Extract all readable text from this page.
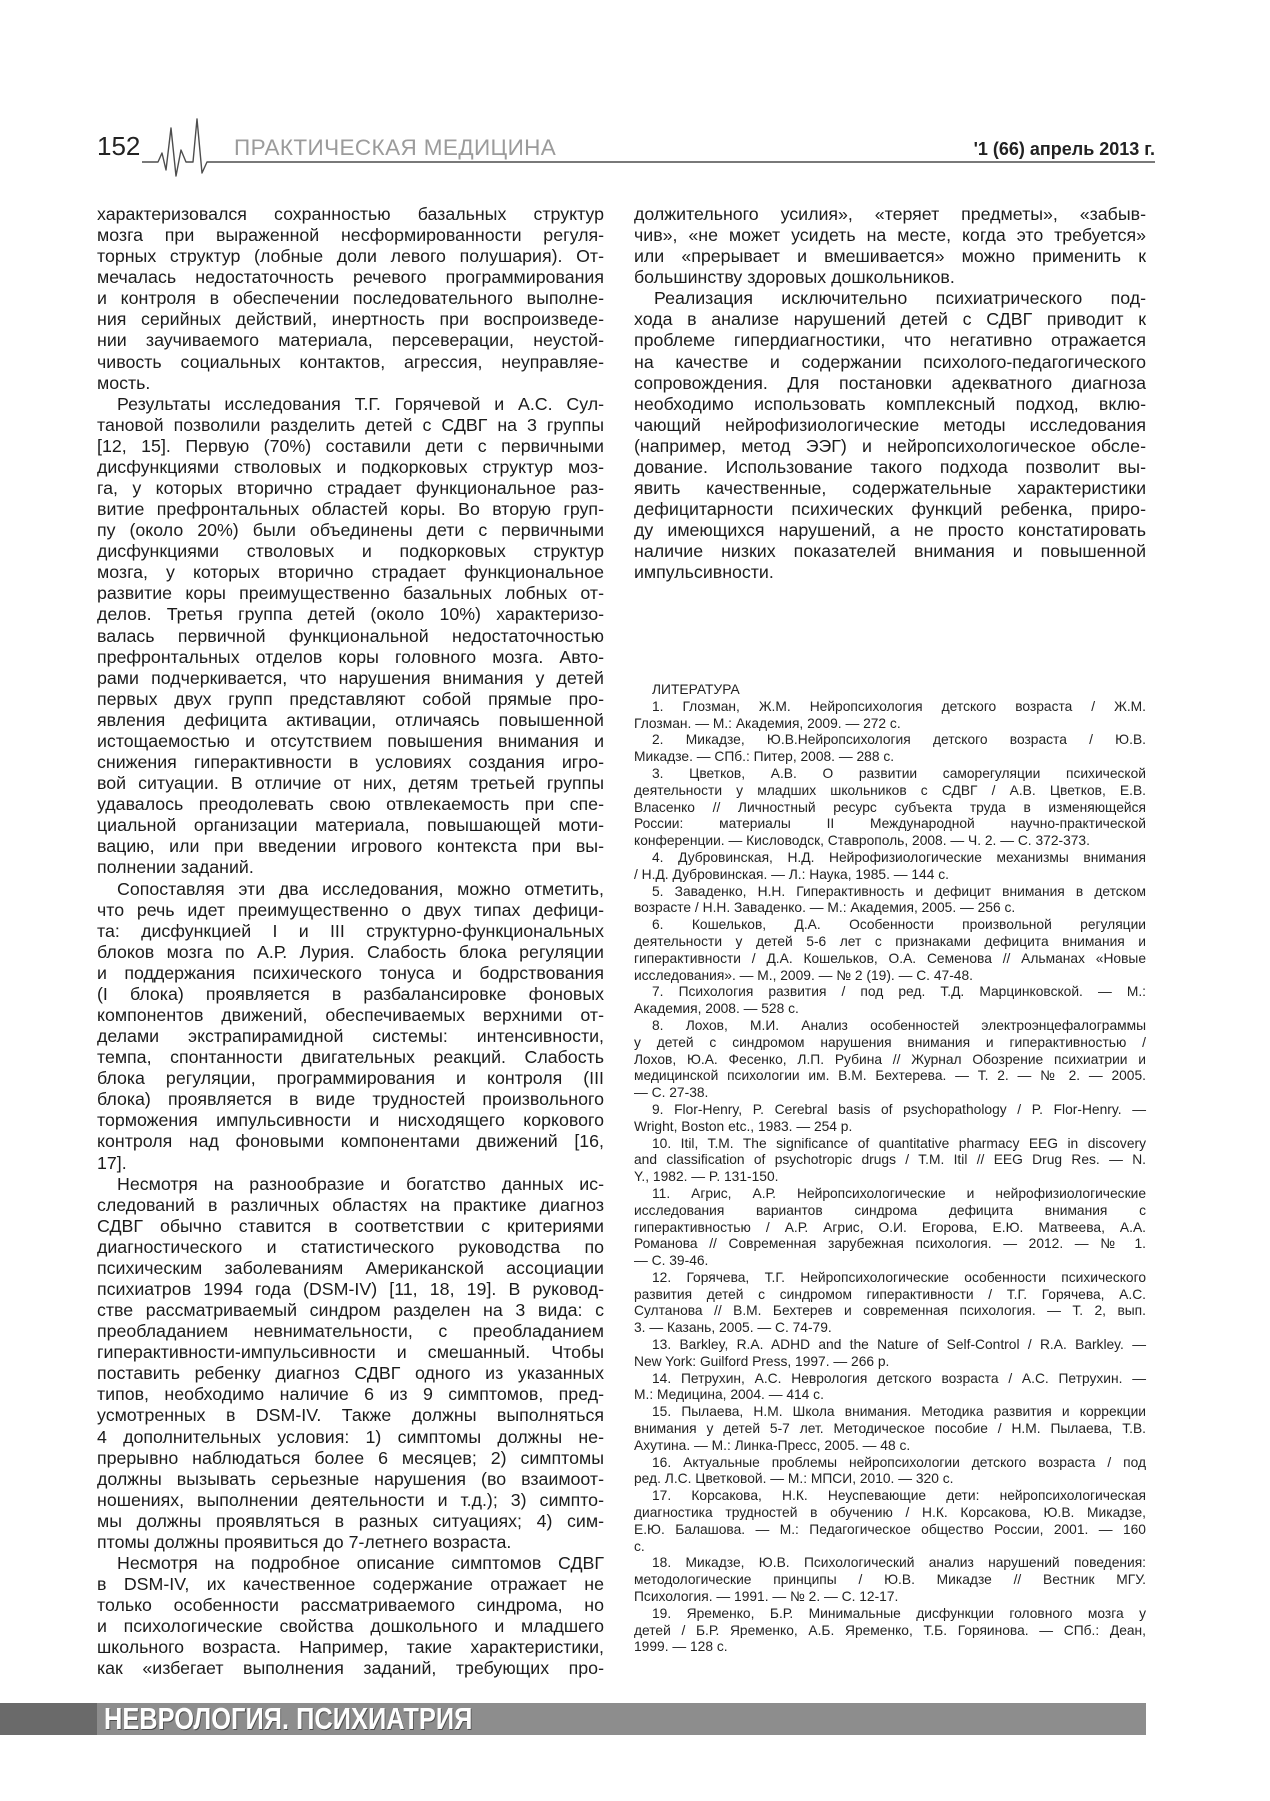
152	ПРАКТИЧЕСКАЯ МЕДИЦИНА	'1 (66) апрель 2013 г.
характеризовался сохранностью базальных структур
мозга при выраженной несформированности регуля-
торных структур (лобные доли левого полушария). От-
мечалась недостаточность речевого программирования
и контроля в обеспечении последовательного выполне-
ния серийных действий, инертность при воспроизведе-
нии заучиваемого материала, персеверации, неустой-
чивость социальных контактов, агрессия, неуправляе-
мость.
Результаты исследования Т.Г. Горячевой и А.С. Сул-
тановой позволили разделить детей с СДВГ на 3 группы
[12, 15]. Первую (70%) составили дети с первичными
дисфункциями стволовых и подкорковых структур моз-
га, у которых вторично страдает функциональное раз-
витие префронтальных областей коры. Во вторую груп-
пу (около 20%) были объединены дети с первичными
дисфункциями стволовых и подкорковых структур
мозга, у которых вторично страдает функциональное
развитие коры преимущественно базальных лобных от-
делов. Третья группа детей (около 10%) характеризо-
валась первичной функциональной недостаточностью
префронтальных отделов коры головного мозга. Авто-
рами подчеркивается, что нарушения внимания у детей
первых двух групп представляют собой прямые про-
явления дефицита активации, отличаясь повышенной
истощаемостью и отсутствием повышения внимания и
снижения гиперактивности в условиях создания игро-
вой ситуации. В отличие от них, детям третьей группы
удавалось преодолевать свою отвлекаемость при спе-
циальной организации материала, повышающей моти-
вацию, или при введении игрового контекста при вы-
полнении заданий.
Сопоставляя эти два исследования, можно отметить,
что речь идет преимущественно о двух типах дефици-
та: дисфункцией I и III структурно-функциональных
блоков мозга по А.Р. Лурия. Слабость блока регуляции
и поддержания психического тонуса и бодрствования
(I блока) проявляется в разбалансировке фоновых
компонентов движений, обеспечиваемых верхними от-
делами экстрапирамидной системы: интенсивности,
темпа, спонтанности двигательных реакций. Слабость
блока регуляции, программирования и контроля (III
блока) проявляется в виде трудностей произвольного
торможения импульсивности и нисходящего коркового
контроля над фоновыми компонентами движений [16,
17].
Несмотря на разнообразие и богатство данных ис-
следований в различных областях на практике диагноз
СДВГ обычно ставится в соответствии с критериями
диагностического и статистического руководства по
психическим заболеваниям Американской ассоциации
психиатров 1994 года (DSM-IV) [11, 18, 19]. В руковод-
стве рассматриваемый синдром разделен на 3 вида: с
преобладанием невнимательности, с преобладанием
гиперактивности-импульсивности и смешанный. Чтобы
поставить ребенку диагноз СДВГ одного из указанных
типов, необходимо наличие 6 из 9 симптомов, пред-
усмотренных в DSM-IV. Также должны выполняться
4 дополнительных условия: 1) симптомы должны не-
прерывно наблюдаться более 6 месяцев; 2) симптомы
должны вызывать серьезные нарушения (во взаимоот-
ношениях, выполнении деятельности и т.д.); 3) симпто-
мы должны проявляться в разных ситуациях; 4) сим-
птомы должны проявиться до 7-летнего возраста.
Несмотря на подробное описание симптомов СДВГ
в DSM-IV, их качественное содержание отражает не
только особенности рассматриваемого синдрома, но
и психологические свойства дошкольного и младшего
школьного возраста. Например, такие характеристики,
как «избегает выполнения заданий, требующих про-
должительного усилия», «теряет предметы», «забыв-
чив», «не может усидеть на месте, когда это требуется»
или «прерывает и вмешивается» можно применить к
большинству здоровых дошкольников.
Реализация исключительно психиатрического под-
хода в анализе нарушений детей с СДВГ приводит к
проблеме гипердиагностики, что негативно отражается
на качестве и содержании психолого-педагогического
сопровождения. Для постановки адекватного диагноза
необходимо использовать комплексный подход, вклю-
чающий нейрофизиологические методы исследования
(например, метод ЭЭГ) и нейропсихологическое обсле-
дование. Использование такого подхода позволит вы-
явить качественные, содержательные характеристики
дефицитарности психических функций ребенка, приро-
ду имеющихся нарушений, а не просто констатировать
наличие низких показателей внимания и повышенной
импульсивности.
ЛИТЕРАТУРА
1. Глозман, Ж.М. Нейропсихология детского возраста / Ж.М.
Глозман. — М.: Академия, 2009. — 272 с.
2. Микадзе, Ю.В.Нейропсихология детского возраста / Ю.В.
Микадзе. — СПб.: Питер, 2008. — 288 с.
3. Цветков, А.В. О развитии саморегуляции психической
деятельности у младших школьников с СДВГ / А.В. Цветков, Е.В.
Власенко // Личностный ресурс субъекта труда в изменяющейся
России: материалы II Международной научно-практической
конференции. — Кисловодск, Ставрополь, 2008. — Ч. 2. — С. 372-373.
4. Дубровинская, Н.Д. Нейрофизиологические механизмы внимания
/ Н.Д. Дубровинская. — Л.: Наука, 1985. — 144 с.
5. Заваденко, Н.Н. Гиперактивность и дефицит внимания в детском
возрасте / Н.Н. Заваденко. — М.: Академия, 2005. — 256 с.
6. Кошельков, Д.А. Особенности произвольной регуляции
деятельности у детей 5-6 лет с признаками дефицита внимания и
гиперактивности / Д.А. Кошельков, О.А. Семенова // Альманах «Новые
исследования». — М., 2009. — № 2 (19). — С. 47-48.
7. Психология развития / под ред. Т.Д. Марцинковской. — М.:
Академия, 2008. — 528 с.
8. Лохов, М.И. Анализ особенностей электроэнцефалограммы
у детей с синдромом нарушения внимания и гиперактивностью /
Лохов, Ю.А. Фесенко, Л.П. Рубина // Журнал Обозрение психиатрии и
медицинской психологии им. В.М. Бехтерева. — Т. 2. — № 2. — 2005.
— С. 27-38.
9. Flor-Henry, P. Cerebral basis of psychopathology / P. Flor-Henry. —
Wright, Boston etc., 1983. — 254 p.
10. Itil, T.M. The significance of quantitative pharmacy EEG in discovery
and classification of psychotropic drugs / T.M. Itil // EEG Drug Res. — N.
Y., 1982. — P. 131-150.
11. Агрис, А.Р. Нейропсихологические и нейрофизиологические
исследования вариантов синдрома дефицита внимания с
гиперактивностью / А.Р. Агрис, О.И. Егорова, Е.Ю. Матвеева, А.А.
Романова // Современная зарубежная психология. — 2012. — № 1.
— С. 39-46.
12. Горячева, Т.Г. Нейропсихологические особенности психического
развития детей с синдромом гиперактивности / Т.Г. Горячева, А.С.
Султанова // В.М. Бехтерев и современная психология. — Т. 2, вып.
3. — Казань, 2005. — С. 74-79.
13. Barkley, R.A. ADHD and the Nature of Self-Control / R.A. Barkley. —
New York: Guilford Press, 1997. — 266 p.
14. Петрухин, А.С. Неврология детского возраста / А.С. Петрухин. —
М.: Медицина, 2004. — 414 с.
15. Пылаева, Н.М. Школа внимания. Методика развития и коррекции
внимания у детей 5-7 лет. Методическое пособие / Н.М. Пылаева, Т.В.
Ахутина. — М.: Линка-Пресс, 2005. — 48 с.
16. Актуальные проблемы нейропсихологии детского возраста / под
ред. Л.С. Цветковой. — М.: МПСИ, 2010. — 320 с.
17. Корсакова, Н.К. Неуспевающие дети: нейропсихологическая
диагностика трудностей в обучению / Н.К. Корсакова, Ю.В. Микадзе,
Е.Ю. Балашова. — М.: Педагогическое общество России, 2001. — 160
с.
18. Микадзе, Ю.В. Психологический анализ нарушений поведения:
методологические принципы / Ю.В. Микадзе // Вестник МГУ.
Психология. — 1991. — № 2. — С. 12-17.
19. Яременко, Б.Р. Минимальные дисфункции головного мозга у
детей / Б.Р. Яременко, А.Б. Яременко, Т.Б. Горяинова. — СПб.: Деан,
1999. — 128 с.
НЕВРОЛОГИЯ. ПСИХИАТРИЯ
